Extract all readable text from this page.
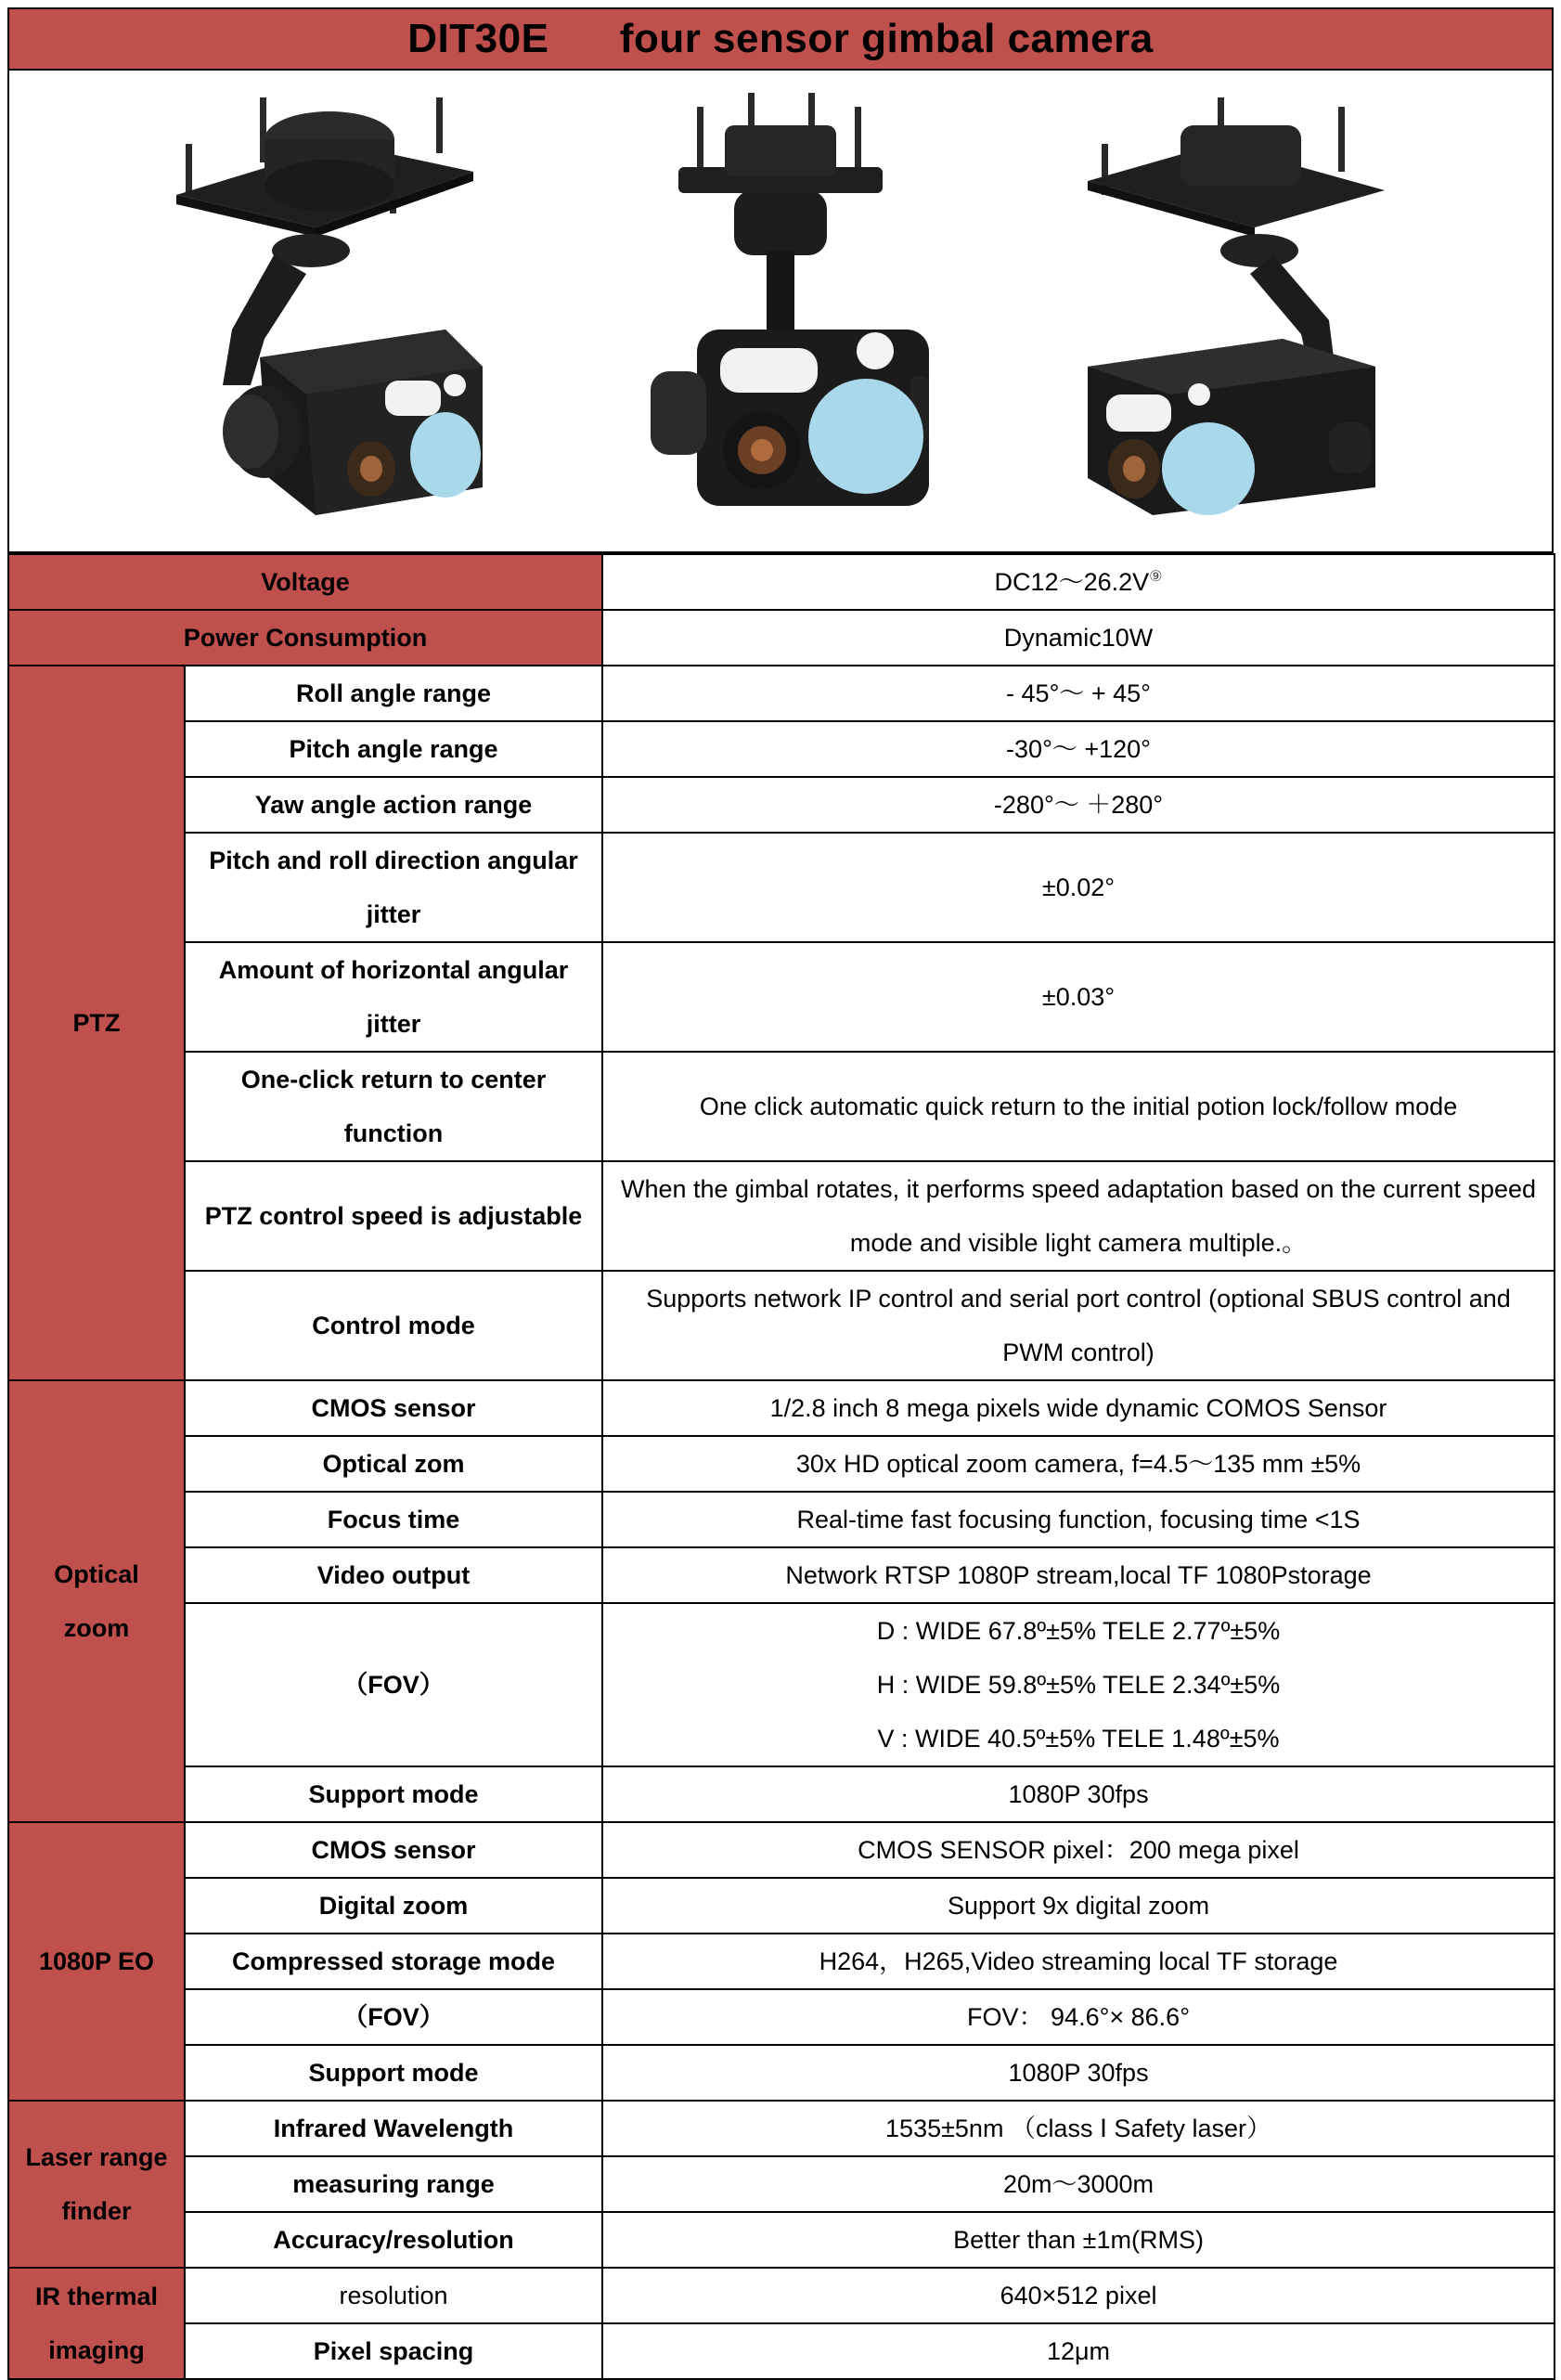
DIT30E      four sensor gimbal camera
Voltage		DC12～26.2V⑨
Power Consumption		Dynamic10W
PTZ	Roll angle range	- 45°～ + 45°
	Pitch angle range	-30°～ +120°
	Yaw angle action range	-280°～ ＋280°
	Pitch and roll direction angular jitter	±0.02°
	Amount of horizontal angular jitter	±0.03°
	One-click return to center function	One click automatic quick return to the initial potion lock/follow mode
	PTZ control speed is adjustable	When the gimbal rotates, it performs speed adaptation based on the current speed mode and visible light camera multiple.。
	Control mode	Supports network IP control and serial port control (optional SBUS control and PWM control)
Optical zoom	CMOS sensor	1/2.8 inch 8 mega pixels wide dynamic COMOS Sensor
	Optical zom	30x HD optical zoom camera, f=4.5～135 mm ±5%
	Focus time	Real-time fast focusing function, focusing time <1S
	Video output	Network RTSP 1080P stream,local TF 1080Pstorage
	（FOV）	D : WIDE 67.8º±5% TELE 2.77º±5%
H : WIDE 59.8º±5% TELE 2.34º±5%
V : WIDE 40.5º±5% TELE 1.48º±5%

	Support mode	1080P 30fps
1080P EO	CMOS sensor	CMOS SENSOR pixel：200 mega pixel
	Digital zoom	Support 9x digital zoom
	Compressed storage mode	H264，H265,Video streaming local TF storage
	（FOV）	FOV： 94.6°× 86.6°
	Support mode	1080P 30fps
Laser range finder	Infrared Wavelength	1535±5nm （class Ⅰ Safety laser）
	measuring range	20m～3000m
	Accuracy/resolution	Better than ±1m(RMS)
IR thermal imaging	resolution	640×512 pixel
	Pixel spacing	12μm
